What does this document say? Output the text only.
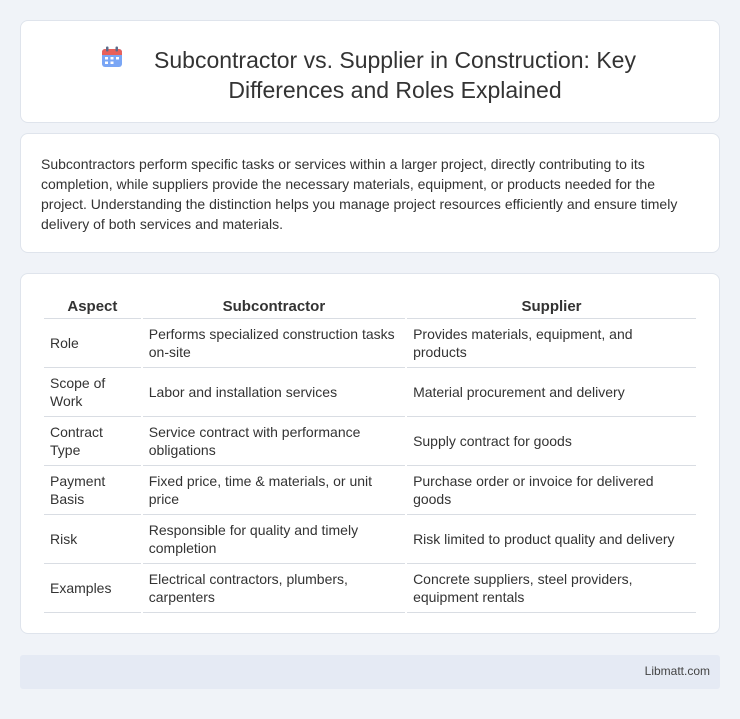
Subcontractor vs. Supplier in Construction: Key Differences and Roles Explained

Subcontractors perform specific tasks or services within a larger project, directly contributing to its completion, while suppliers provide the necessary materials, equipment, or products needed for the project. Understanding the distinction helps you manage project resources efficiently and ensure timely delivery of both services and materials.

Aspect	Subcontractor	Supplier
Role	Performs specialized construction tasks on-site	Provides materials, equipment, and products
Scope of Work	Labor and installation services	Material procurement and delivery
Contract Type	Service contract with performance obligations	Supply contract for goods
Payment Basis	Fixed price, time & materials, or unit price	Purchase order or invoice for delivered goods
Risk	Responsible for quality and timely completion	Risk limited to product quality and delivery
Examples	Electrical contractors, plumbers, carpenters	Concrete suppliers, steel providers, equipment rentals
Libmatt.com
